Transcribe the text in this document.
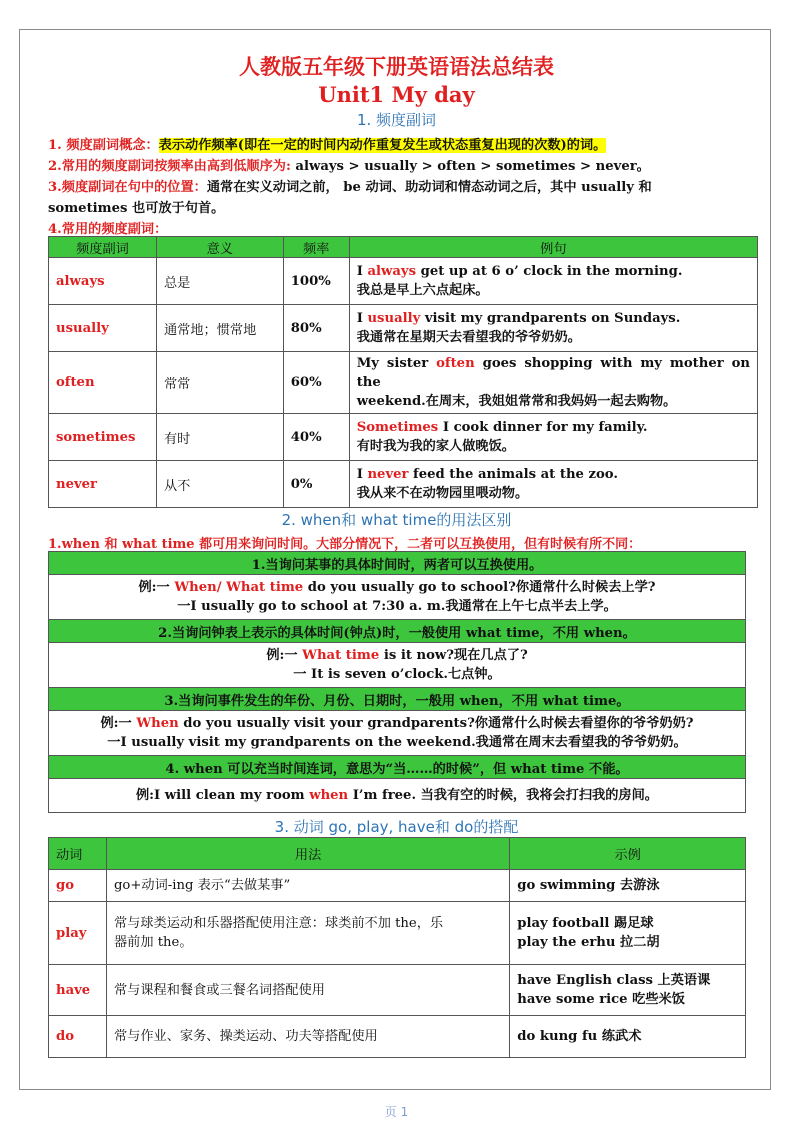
人教版五年级下册英语语法总结表
Unit1 My day
1. 频度副词
1. 频度副词概念：表示动作频率(即在一定的时间内动作重复发生或状态重复出现的次数)的词。
2.常用的频度副词按频率由高到低顺序为: always > usually > often > sometimes > never。
3.频度副词在句中的位置：通常在实义动词之前， be 动词、助动词和情态动词之后，其中 usually 和
sometimes 也可放于句首。
4.常用的频度副词：
频度副词	意义	频率	例句
always	总是	100%	I always get up at 6 o’ clock in the morning.
我总是早上六点起床。

usually	通常地；惯常地	80%	I usually visit my grandparents on Sundays.
我通常在星期天去看望我的爷爷奶奶。

often	常常	60%	My sister often goes shopping with my mother on the
weekend.在周末，我姐姐常常和我妈妈一起去购物。

sometimes	有时	40%	Sometimes I cook dinner for my family.
有时我为我的家人做晚饭。

never	从不	0%	I never feed the animals at the zoo.
我从来不在动物园里喂动物。
2. when和 what time的用法区别
1.when 和 what time 都可用来询问时间。大部分情况下，二者可以互换使用，但有时候有所不同：
1.当询问某事的具体时间时，两者可以互换使用。

例:一 When/ What time do you usually go to school?你通常什么时候去上学?
一I usually go to school at 7:30 a. m.我通常在上午七点半去上学。

2.当询问钟表上表示的具体时间(钟点)时，一般使用 what time，不用 when。

例:一 What time is it now?现在几点了?
一 It is seven o’clock.七点钟。

3.当询问事件发生的年份、月份、日期时，一般用 when，不用 what time。

例:一 When do you usually visit your grandparents?你通常什么时候去看望你的爷爷奶奶?
一I usually visit my grandparents on the weekend.我通常在周末去看望我的爷爷奶奶。

4. when 可以充当时间连词，意思为“当……的时候”，但 what time 不能。

例:I will clean my room when I’m free. 当我有空的时候，我将会打扫我的房间。
3. 动词 go, play, have和 do的搭配
动词	用法	示例
go	go+动词-ing 表示“去做某事”	go swimming 去游泳

play	常与球类运动和乐器搭配使用注意：球类前不加 the，乐
器前加 the。	play football 踢足球
play the erhu 拉二胡

have	常与课程和餐食或三餐名词搭配使用	have English class 上英语课
have some rice 吃些米饭

do	常与作业、家务、操类运动、功夫等搭配使用	do kung fu 练武术
页 1
